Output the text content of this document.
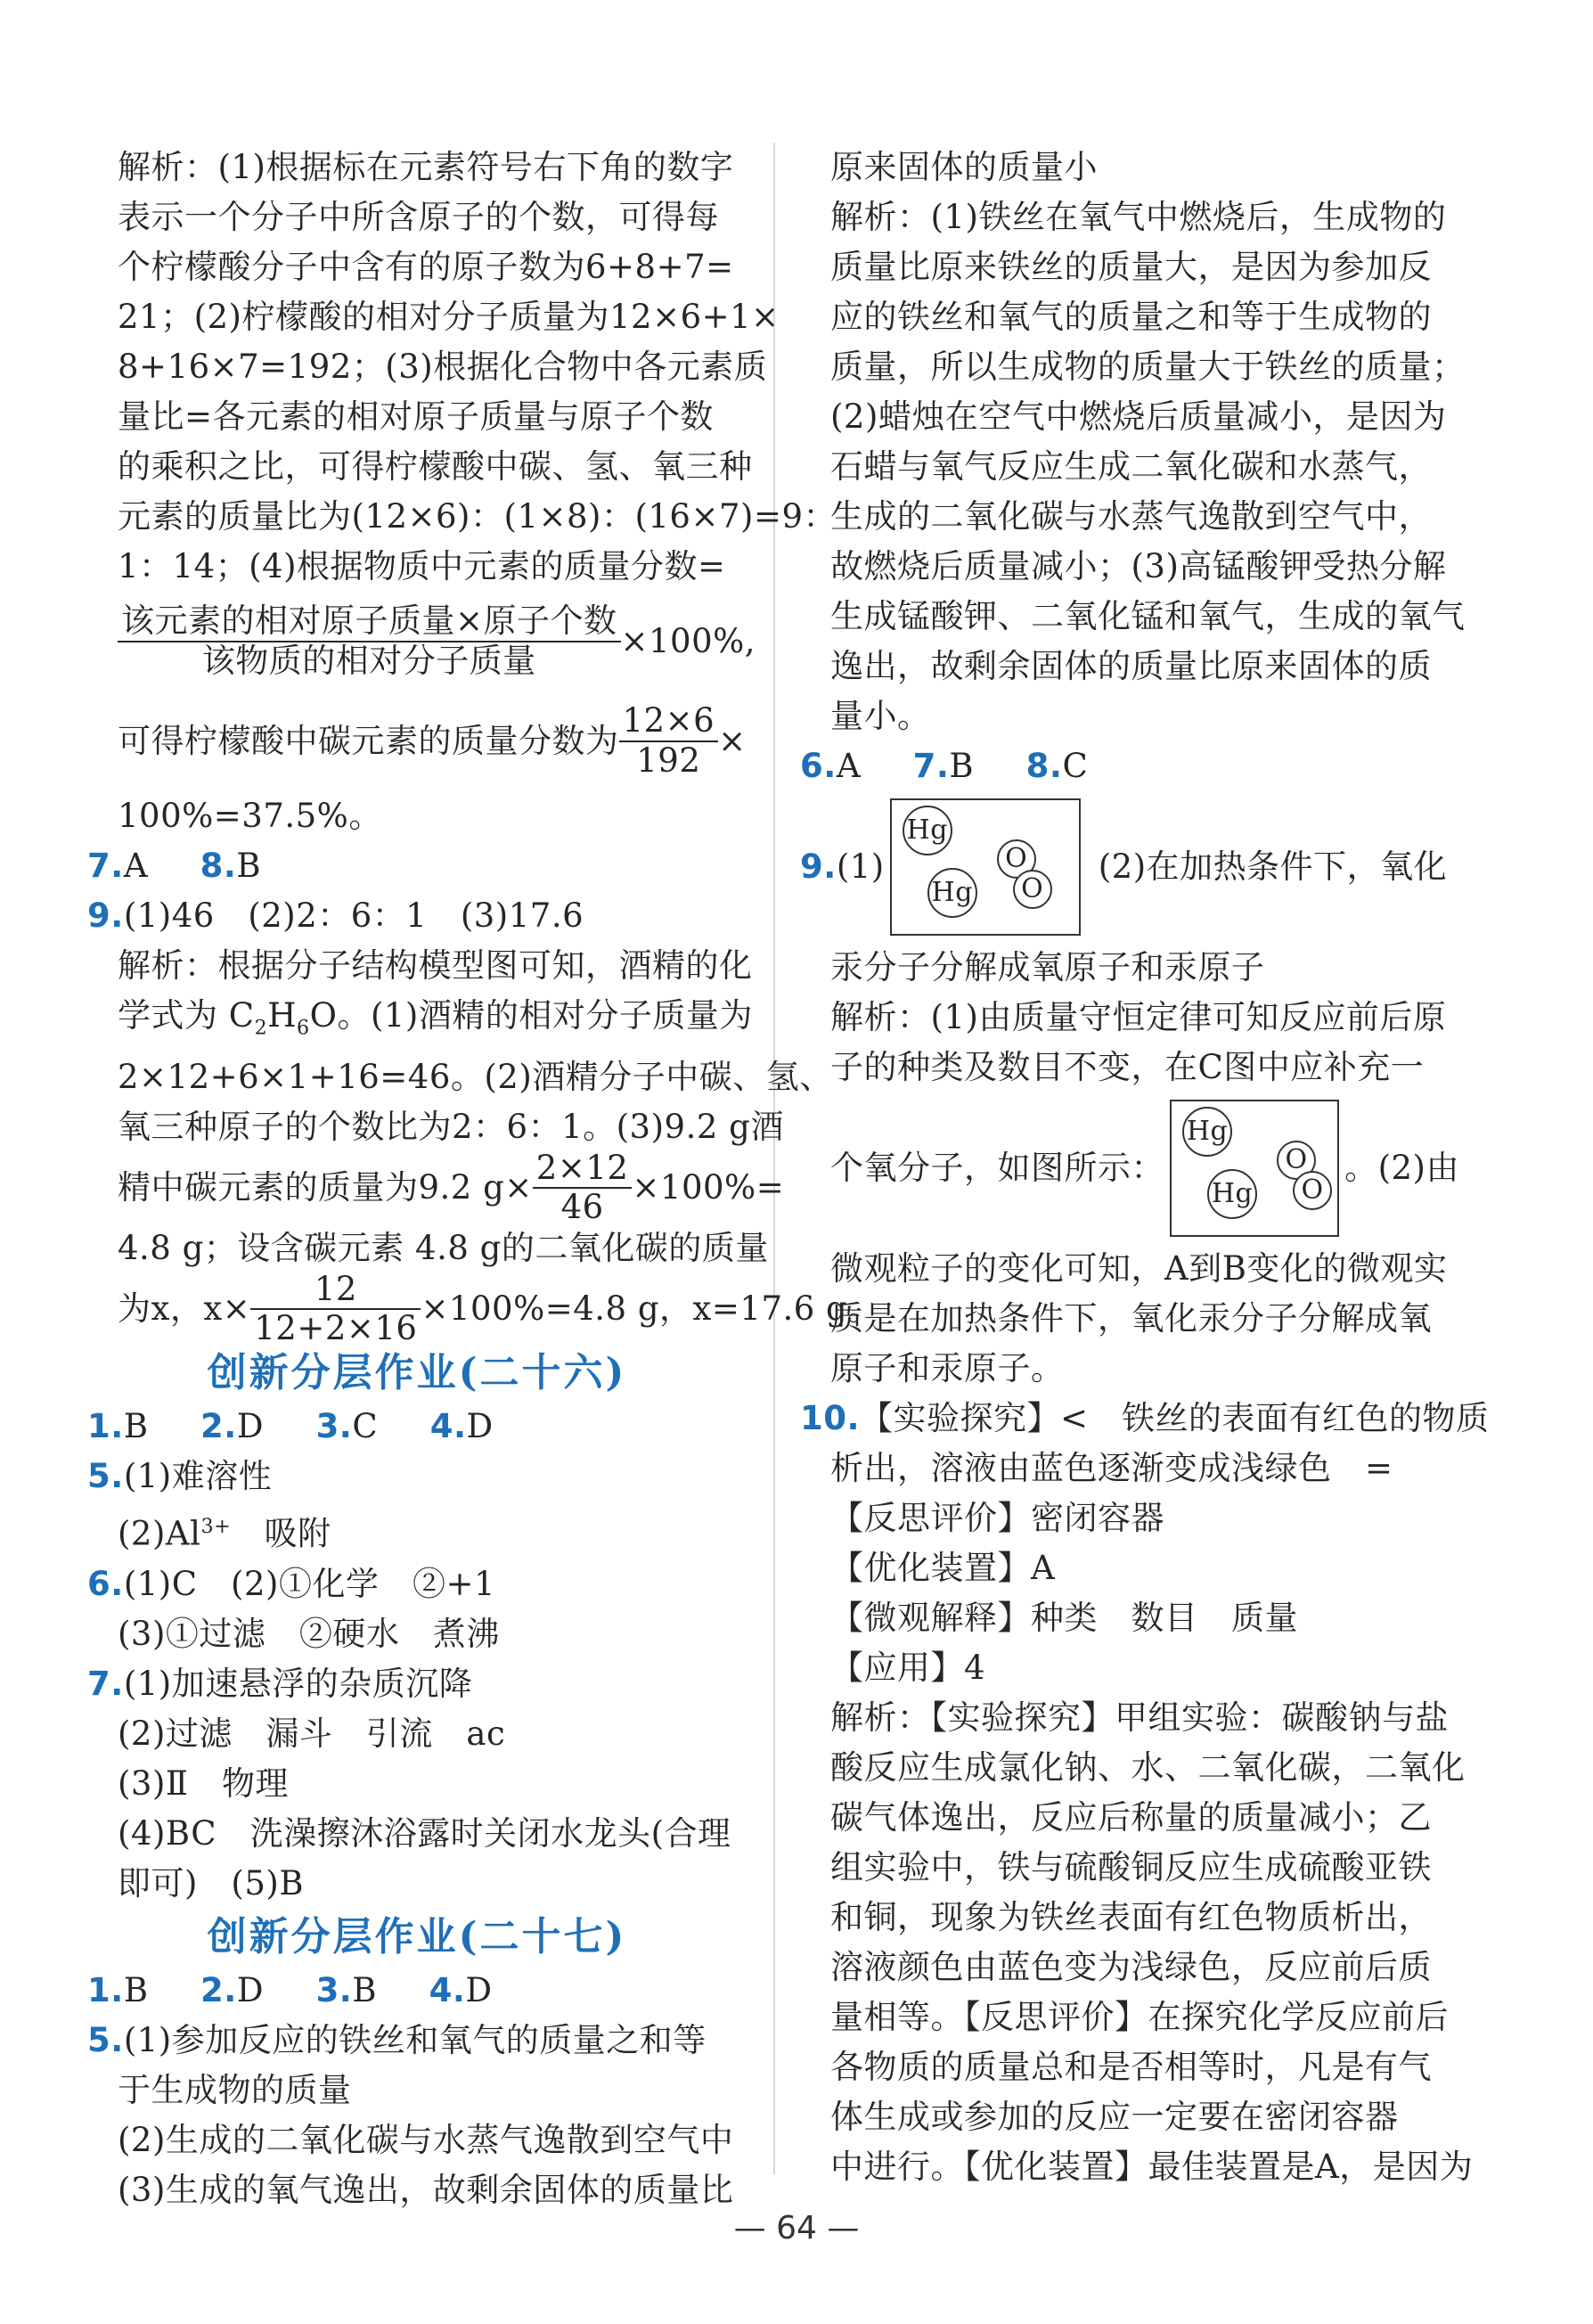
解析：(1)根据标在元素符号右下角的数字
表示一个分子中所含原子的个数，可得每
个柠檬酸分子中含有的原子数为6+8+7=
21；(2)柠檬酸的相对分子质量为12×6+1×
8+16×7=192；(3)根据化合物中各元素质
量比=各元素的相对原子质量与原子个数
的乘积之比，可得柠檬酸中碳、氢、氧三种
元素的质量比为(12×6)：(1×8)：(16×7)=9：
1：14；(4)根据物质中元素的质量分数=
$\frac{\text{该元素的相对原子质量×原子个数}}{\text{该物质的相对分子质量}} \times 100\%$,
可得柠檬酸中碳元素的质量分数为 $\frac{12\times 6}{192}$ ×
100%=37.5%。
7.A 8.B
9.(1)46　(2)2：6：1　(3)17.6
解析：根据分子结构模型图可知，酒精的化
学式为 $C_2H_6O$。(1)酒精的相对分子质量为
2×12+6×1+16=46。(2)酒精分子中碳、氢、
氧三种原子的个数比为2：6：1。(3)9.2 g酒
精中碳元素的质量为9.2 $g\times \frac{2\times 12}{46} \times 100\%=$
4.8 g；设含碳元素 4.8 g的二氧化碳的质量
为x，$x\times \frac{12}{12+2\times 16} \times 100\%=4.8$ g，x=17.6 g。
创新分层作业(二十六)
1.B 2.D 3.C 4.D
5.(1)难溶性
$(2)Al^{3+}$　吸附
6.(1)C　(2)①化学　②+1
(3)①过滤　②硬水　煮沸
7.(1)加速悬浮的杂质沉降
(2)过滤　漏斗　引流　ac
(3)Ⅱ　物理
(4)BC　洗澡擦沐浴露时关闭水龙头(合理
即可)　(5)B
创新分层作业(二十七)
1.B 2.D 3.B 4.D
5.(1)参加反应的铁丝和氧气的质量之和等
于生成物的质量
(2)生成的二氧化碳与水蒸气逸散到空气中
(3)生成的氧气逸出，故剩余固体的质量比
原来固体的质量小
解析：(1)铁丝在氧气中燃烧后，生成物的
质量比原来铁丝的质量大，是因为参加反
应的铁丝和氧气的质量之和等于生成物的
质量，所以生成物的质量大于铁丝的质量；
(2)蜡烛在空气中燃烧后质量减小，是因为
石蜡与氧气反应生成二氧化碳和水蒸气，
生成的二氧化碳与水蒸气逸散到空气中，
故燃烧后质量减小；(3)高锰酸钾受热分解
生成锰酸钾、二氧化锰和氧气，生成的氧气
逸出，故剩余固体的质量比原来固体的质
量小。
6.A 7.B 8.C
9. (1)
Hg
Hg
O
O
(2)在加热条件下，氧化
汞分子分解成氧原子和汞原子
解析：(1)由质量守恒定律可知反应前后原
子的种类及数目不变，在C图中应补充一
个氧分子，如图所示：
Hg
Hg
O
O
。(2)由
微观粒子的变化可知，A到B变化的微观实
质是在加热条件下，氧化汞分子分解成氧
原子和汞原子。
10.【实验探究】<　铁丝的表面有红色的物质
析出，溶液由蓝色逐渐变成浅绿色　=
【反思评价】密闭容器
【优化装置】A
【微观解释】种类　数目　质量
【应用】4
解析：【实验探究】甲组实验：碳酸钠与盐
酸反应生成氯化钠、水、二氧化碳，二氧化
碳气体逸出，反应后称量的质量减小；乙
组实验中，铁与硫酸铜反应生成硫酸亚铁
和铜，现象为铁丝表面有红色物质析出，
溶液颜色由蓝色变为浅绿色，反应前后质
量相等。【反思评价】在探究化学反应前后
各物质的质量总和是否相等时，凡是有气
体生成或参加的反应一定要在密闭容器
中进行。【优化装置】最佳装置是A，是因为
— 64 —
